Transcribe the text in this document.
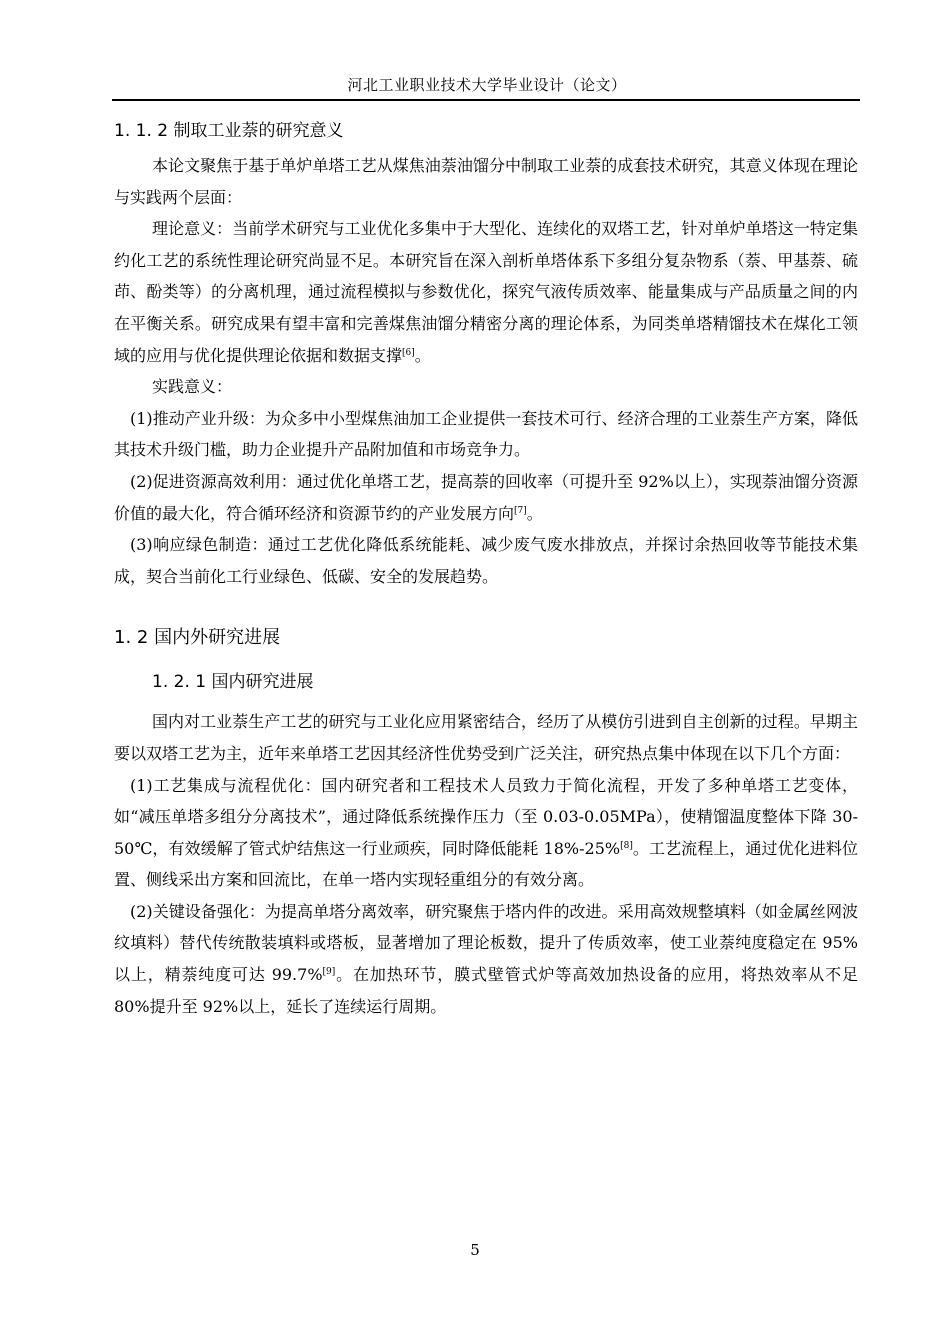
河北工业职业技术大学毕业设计（论文）
1. 1. 2 制取工业萘的研究意义

本论文聚焦于基于单炉单塔工艺从煤焦油萘油馏分中制取工业萘的成套技术研究，其意义体现在理论与实践两个层面：

理论意义：当前学术研究与工业优化多集中于大型化、连续化的双塔工艺，针对单炉单塔这一特定集约化工艺的系统性理论研究尚显不足。本研究旨在深入剖析单塔体系下多组分复杂物系（萘、甲基萘、硫茚、酚类等）的分离机理，通过流程模拟与参数优化，探究气液传质效率、能量集成与产品质量之间的内在平衡关系。研究成果有望丰富和完善煤焦油馏分精密分离的理论体系，为同类单塔精馏技术在煤化工领域的应用与优化提供理论依据和数据支撑[6]。

实践意义：

(1)推动产业升级：为众多中小型煤焦油加工企业提供一套技术可行、经济合理的工业萘生产方案，降低其技术升级门槛，助力企业提升产品附加值和市场竞争力。

(2)促进资源高效利用：通过优化单塔工艺，提高萘的回收率（可提升至 92%以上），实现萘油馏分资源价值的最大化，符合循环经济和资源节约的产业发展方向[7]。

(3)响应绿色制造：通过工艺优化降低系统能耗、减少废气废水排放点，并探讨余热回收等节能技术集成，契合当前化工行业绿色、低碳、安全的发展趋势。

1. 2 国内外研究进展
1. 2. 1 国内研究进展

国内对工业萘生产工艺的研究与工业化应用紧密结合，经历了从模仿引进到自主创新的过程。早期主要以双塔工艺为主，近年来单塔工艺因其经济性优势受到广泛关注，研究热点集中体现在以下几个方面：

(1)工艺集成与流程优化：国内研究者和工程技术人员致力于简化流程，开发了多种单塔工艺变体，如“减压单塔多组分分离技术”，通过降低系统操作压力（至 0.03-0.05MPa），使精馏温度整体下降 30-50℃，有效缓解了管式炉结焦这一行业顽疾，同时降低能耗 18%-25%[8]。工艺流程上，通过优化进料位置、侧线采出方案和回流比，在单一塔内实现轻重组分的有效分离。

(2)关键设备强化：为提高单塔分离效率，研究聚焦于塔内件的改进。采用高效规整填料（如金属丝网波纹填料）替代传统散装填料或塔板，显著增加了理论板数，提升了传质效率，使工业萘纯度稳定在 95%以上，精萘纯度可达 99.7%[9]。在加热环节，膜式壁管式炉等高效加热设备的应用，将热效率从不足 80%提升至 92%以上，延长了连续运行周期。

5
